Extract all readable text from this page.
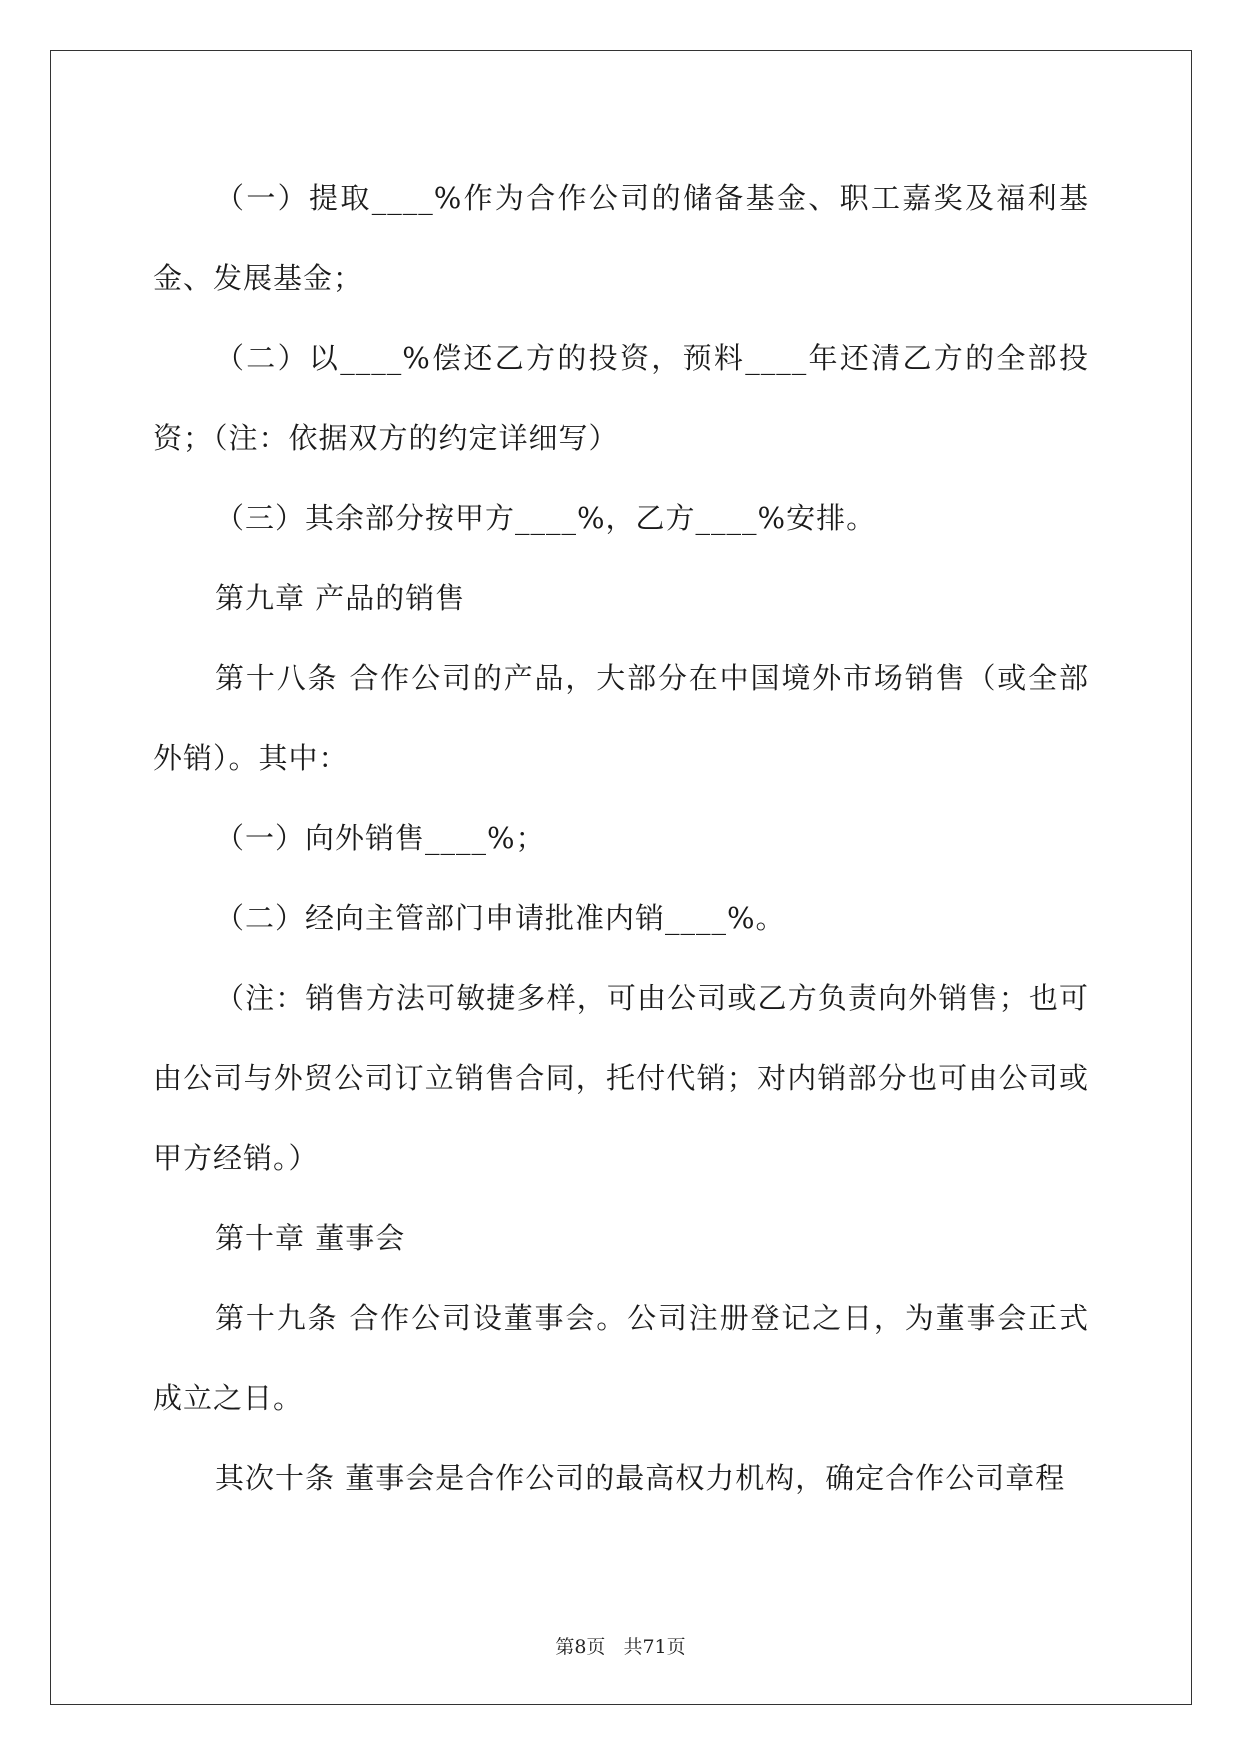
（一）提取____%作为合作公司的储备基金、职工嘉奖及福利基金、发展基金；

（二）以____%偿还乙方的投资，预料____年还清乙方的全部投资；（注：依据双方的约定详细写）

（三）其余部分按甲方____%，乙方____%安排。

第九章 产品的销售

第十八条 合作公司的产品，大部分在中国境外市场销售（或全部外销）。其中：

（一）向外销售____%；

（二）经向主管部门申请批准内销____%。

（注：销售方法可敏捷多样，可由公司或乙方负责向外销售；也可由公司与外贸公司订立销售合同，托付代销；对内销部分也可由公司或甲方经销。）

第十章 董事会

第十九条 合作公司设董事会。公司注册登记之日，为董事会正式成立之日。

其次十条 董事会是合作公司的最高权力机构，确定合作公司章程

第8页 共71页
